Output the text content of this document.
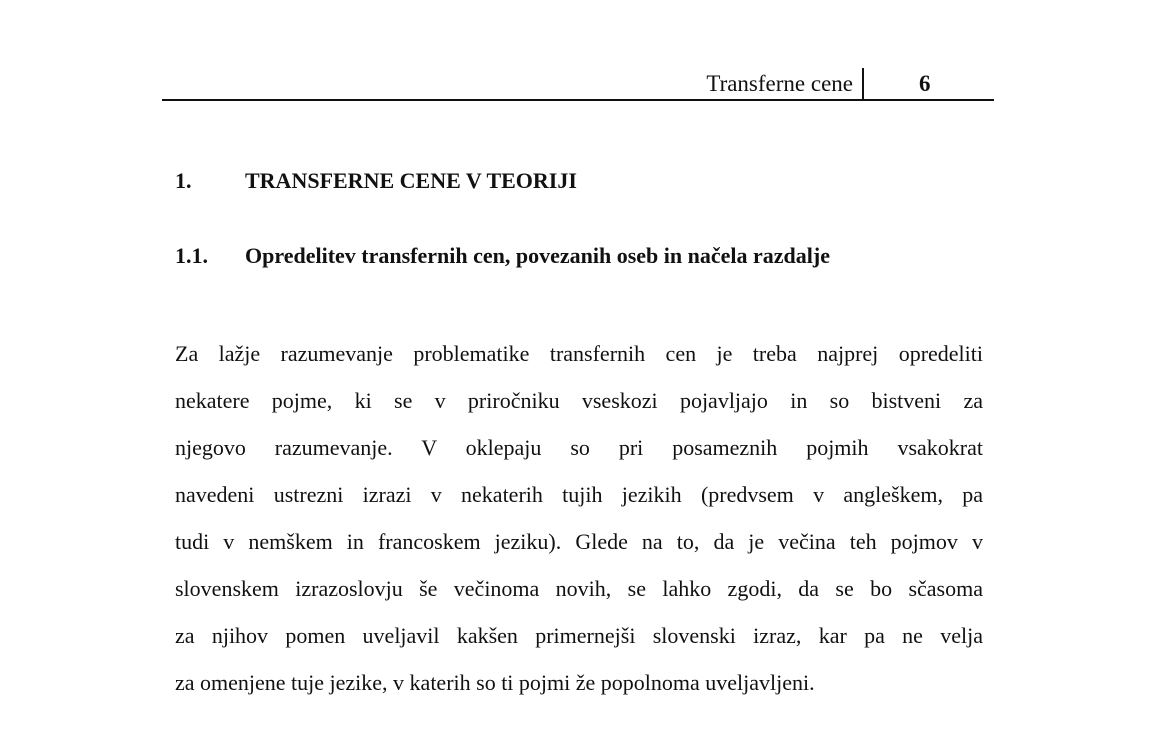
Transferne cene	6
1. TRANSFERNE CENE V TEORIJI
1.1. Opredelitev transfernih cen, povezanih oseb in načela razdalje

Za lažje razumevanje problematike transfernih cen je treba najprej opredeliti
nekatere pojme, ki se v priročniku vseskozi pojavljajo in so bistveni za
njegovo razumevanje. V oklepaju so pri posameznih pojmih vsakokrat
navedeni ustrezni izrazi v nekaterih tujih jezikih (predvsem v angleškem, pa
tudi v nemškem in francoskem jeziku). Glede na to, da je večina teh pojmov v
slovenskem izrazoslovju še večinoma novih, se lahko zgodi, da se bo sčasoma
za njihov pomen uveljavil kakšen primernejši slovenski izraz, kar pa ne velja
za omenjene tuje jezike, v katerih so ti pojmi že popolnoma uveljavljeni.
